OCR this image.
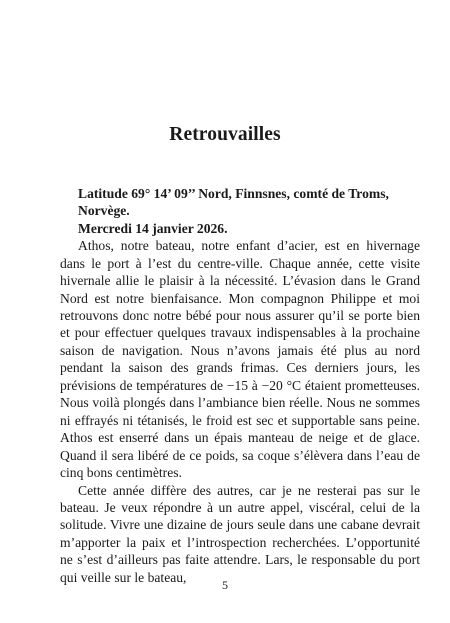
Retrouvailles

Latitude 69° 14’ 09’’ Nord, Finnsnes, comté de Troms,

Norvège.

Mercredi 14 janvier 2026.

Athos, notre bateau, notre enfant d’acier, est en hivernage dans le port à l’est du centre-ville. Chaque année, cette visite hivernale allie le plaisir à la nécessité. L’évasion dans le Grand Nord est notre bienfaisance. Mon compagnon Philippe et moi retrouvons donc notre bébé pour nous assurer qu’il se porte bien et pour effectuer quelques travaux indispensables à la prochaine saison de navigation. Nous n’avons jamais été plus au nord pendant la saison des grands frimas. Ces derniers jours, les prévisions de températures de −15 à −20 °C étaient prometteuses. Nous voilà plongés dans l’ambiance bien réelle. Nous ne sommes ni effrayés ni tétanisés, le froid est sec et supportable sans peine. Athos est enserré dans un épais manteau de neige et de glace. Quand il sera libéré de ce poids, sa coque s’élèvera dans l’eau de cinq bons centimètres.

Cette année diffère des autres, car je ne resterai pas sur le bateau. Je veux répondre à un autre appel, viscéral, celui de la solitude. Vivre une dizaine de jours seule dans une cabane devrait m’apporter la paix et l’introspection recherchées. L’opportunité ne s’est d’ailleurs pas faite attendre. Lars, le responsable du port qui veille sur le bateau,

5
